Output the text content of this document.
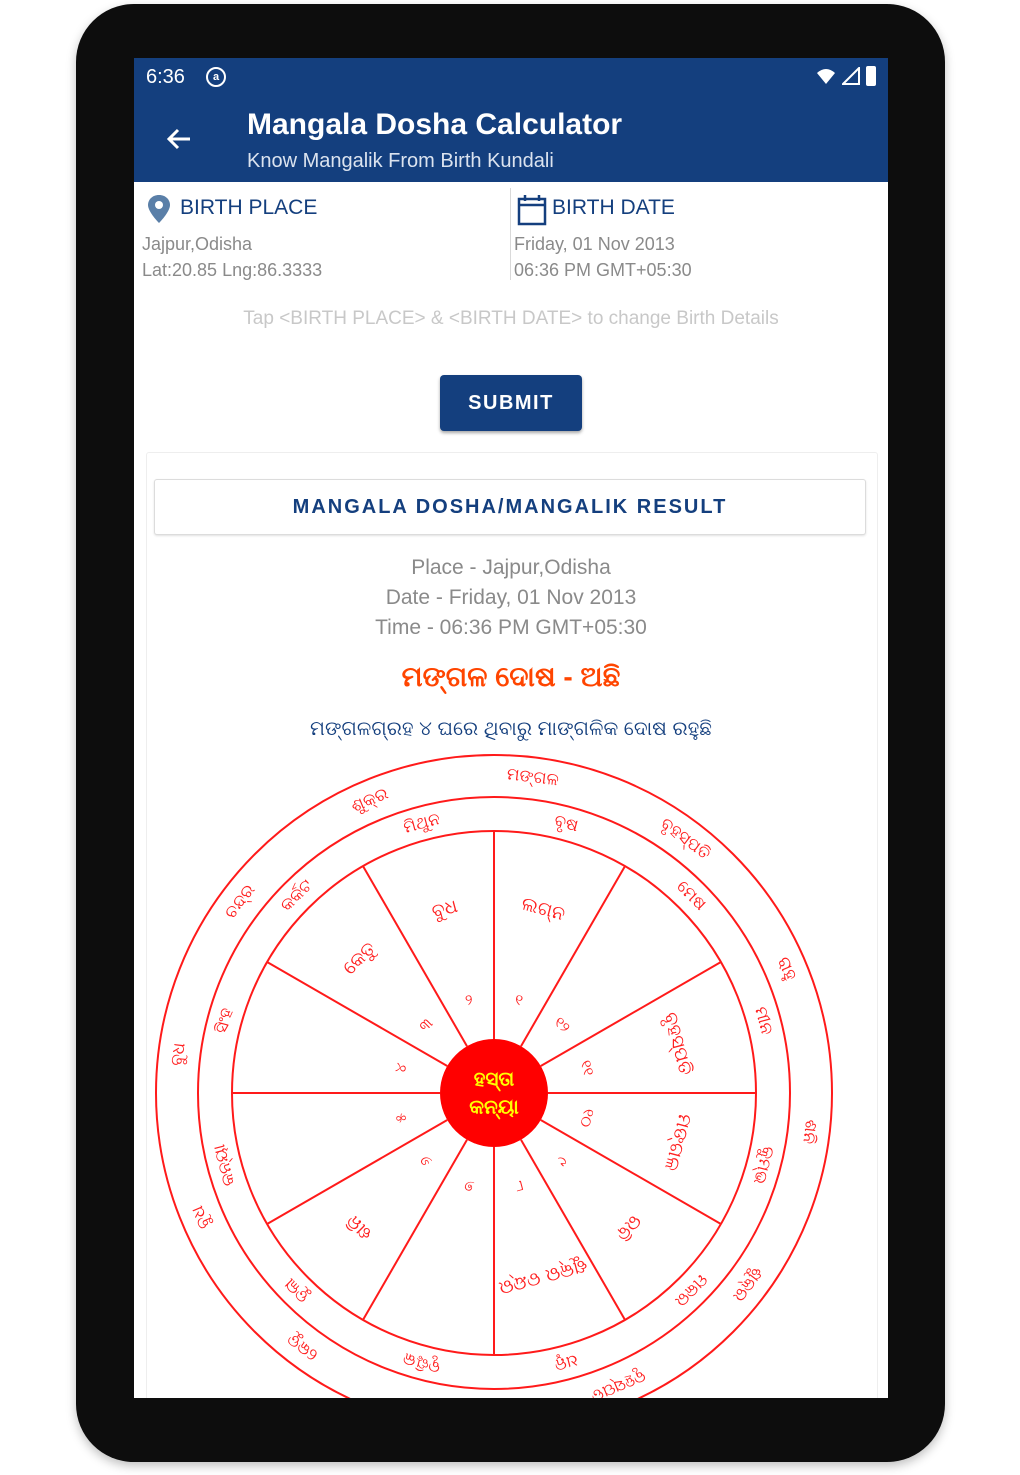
6:36	a
Mangala Dosha Calculator
Know Mangalik From Birth Kundali
BIRTH PLACE
Jajpur,Odisha
Lat:20.85 Lng:86.3333
BIRTH DATE
Friday, 01 Nov 2013
06:36 PM GMT+05:30
Tap <BIRTH PLACE> & <BIRTH DATE> to change Birth Details
SUBMIT
MANGALA DOSHA/MANGALIK RESULT
Place - Jajpur,Odisha
Date - Friday, 01 Nov 2013
Time - 06:36 PM GMT+05:30
ମଙ୍ଗଳ ଦୋଷ - ଅଛି
ମଙ୍ଗଳଗ୍ରହ ୪ ଘରେ ଥିବାରୁ ମାଙ୍ଗଳିକ ଦୋଷ ରହୁଛି
୧
ଲଗ୍ନ
୨
ବୁଧ
୩
କେତୁ
୪
୫
୬
ଶନି
୭ ୮
ଶୁକ୍ର ଚନ୍ଦ୍ର
୯
ରବି
୧୦	ମଙ୍ଗଳ
୧୧	ବୃହସ୍ପତି
୧୨
ମିଥୁନ
ଶୁକ୍ର
ବୃଷ
ମଙ୍ଗଳ
ମେଷ
ବୃହସ୍ପତି
ମୀନ
ରାହୁ
କୁମ୍ଭ
ଶନି
ମକର ଶୁକ୍ର
ଧନୁ
ବୃହସ୍ପତି
ବୃଶ୍ଚିକ
ତୁଳା
କେତୁ
କନ୍ୟା
ବୁଧ
ସିଂହ
ବୁଧ
କର୍କଟ
ଚନ୍ଦ୍ର
ହସ୍ତା
କନ୍ୟା
